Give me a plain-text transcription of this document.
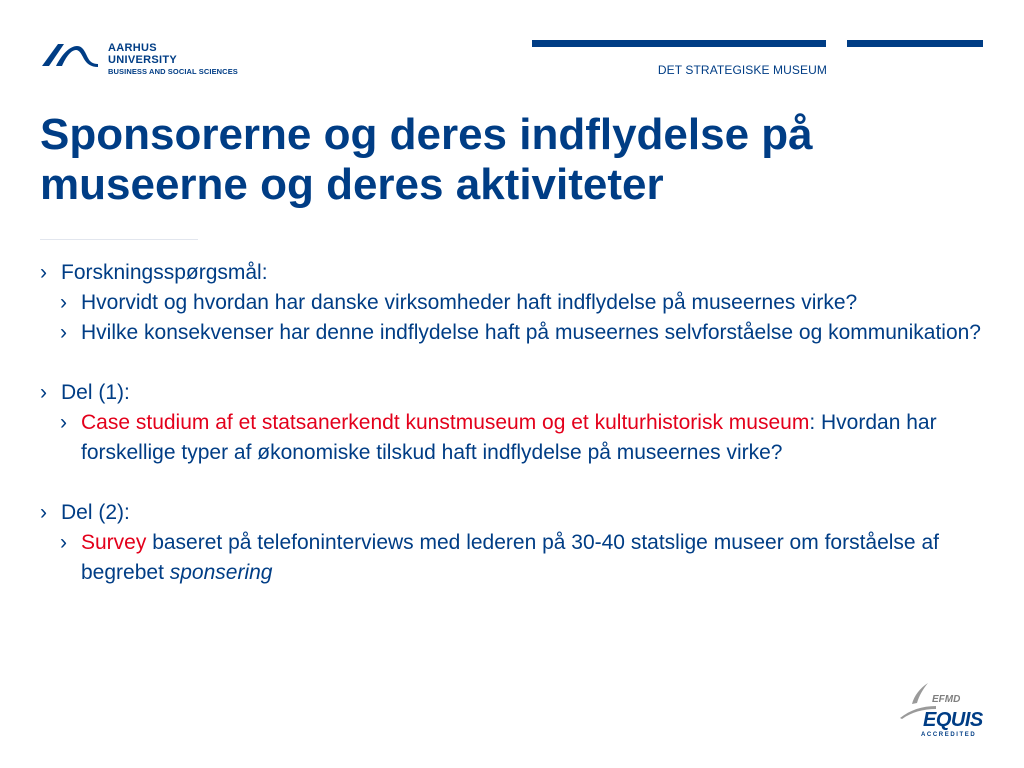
AARHUS
UNIVERSITY
BUSINESS AND SOCIAL SCIENCES	DET STRATEGISKE MUSEUM
Sponsorerne og deres indflydelse på museerne og deres aktiviteter

› Forskningsspørgsmål:

› Hvorvidt og hvordan har danske virksomheder haft indflydelse på museernes virke?

› Hvilke konsekvenser har denne indflydelse haft på museernes selvforståelse og kommunikation?

› Del (1):

› Case studium af et statsanerkendt kunstmuseum og et kulturhistorisk museum: Hvordan har forskellige typer af økonomiske tilskud haft indflydelse på museernes virke?

› Del (2):

› Survey baseret på telefoninterviews med lederen på 30-40 statslige museer om forståelse af begrebet sponsering

EFMD
EQUIS
ACCREDITED
